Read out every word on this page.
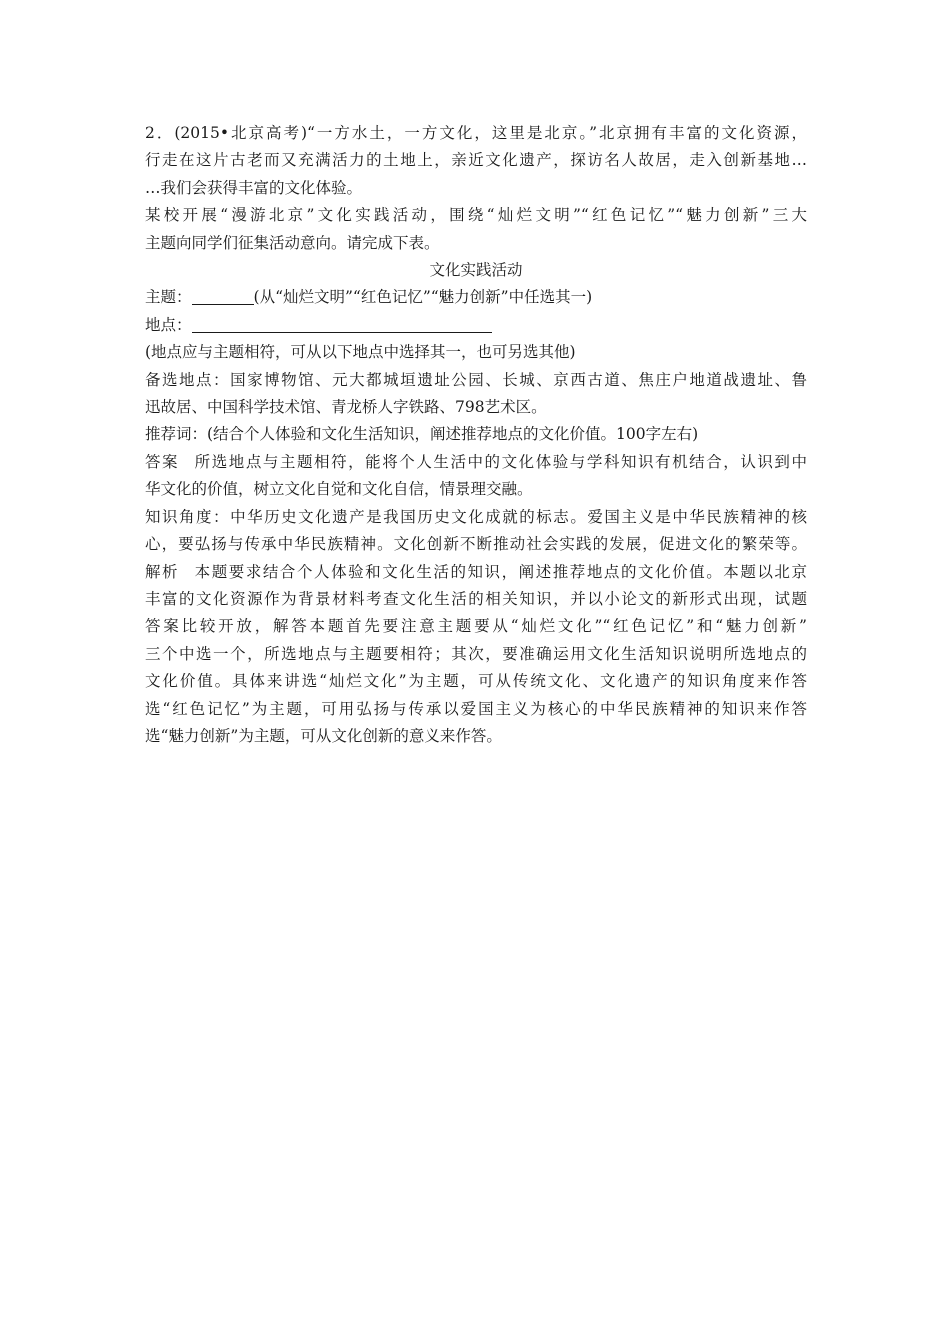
2．(2015•北京高考)“一方水土，一方文化，这里是北京。”北京拥有丰富的文化资源，
行走在这片古老而又充满活力的土地上，亲近文化遗产，探访名人故居，走入创新基地…
…我们会获得丰富的文化体验。
某校开展“漫游北京”文化实践活动，围绕“灿烂文明”“红色记忆”“魅力创新”三大
主题向同学们征集活动意向。请完成下表。
文化实践活动
主题：	(从“灿烂文明”“红色记忆”“魅力创新”中任选其一)
地点：
(地点应与主题相符，可从以下地点中选择其一，也可另选其他)
备选地点：国家博物馆、元大都城垣遗址公园、长城、京西古道、焦庄户地道战遗址、鲁
迅故居、中国科学技术馆、青龙桥人字铁路、798艺术区。
推荐词：(结合个人体验和文化生活知识，阐述推荐地点的文化价值。100字左右)
答案 所选地点与主题相符，能将个人生活中的文化体验与学科知识有机结合，认识到中
华文化的价值，树立文化自觉和文化自信，情景理交融。
知识角度：中华历史文化遗产是我国历史文化成就的标志。爱国主义是中华民族精神的核
心，要弘扬与传承中华民族精神。文化创新不断推动社会实践的发展，促进文化的繁荣等。
解析 本题要求结合个人体验和文化生活的知识，阐述推荐地点的文化价值。本题以北京
丰富的文化资源作为背景材料考查文化生活的相关知识，并以小论文的新形式出现，试题
答案比较开放，解答本题首先要注意主题要从“灿烂文化”“红色记忆”和“魅力创新”
三个中选一个，所选地点与主题要相符；其次，要准确运用文化生活知识说明所选地点的
文化价值。具体来讲选“灿烂文化”为主题，可从传统文化、文化遗产的知识角度来作答
选“红色记忆”为主题，可用弘扬与传承以爱国主义为核心的中华民族精神的知识来作答
选“魅力创新”为主题，可从文化创新的意义来作答。
